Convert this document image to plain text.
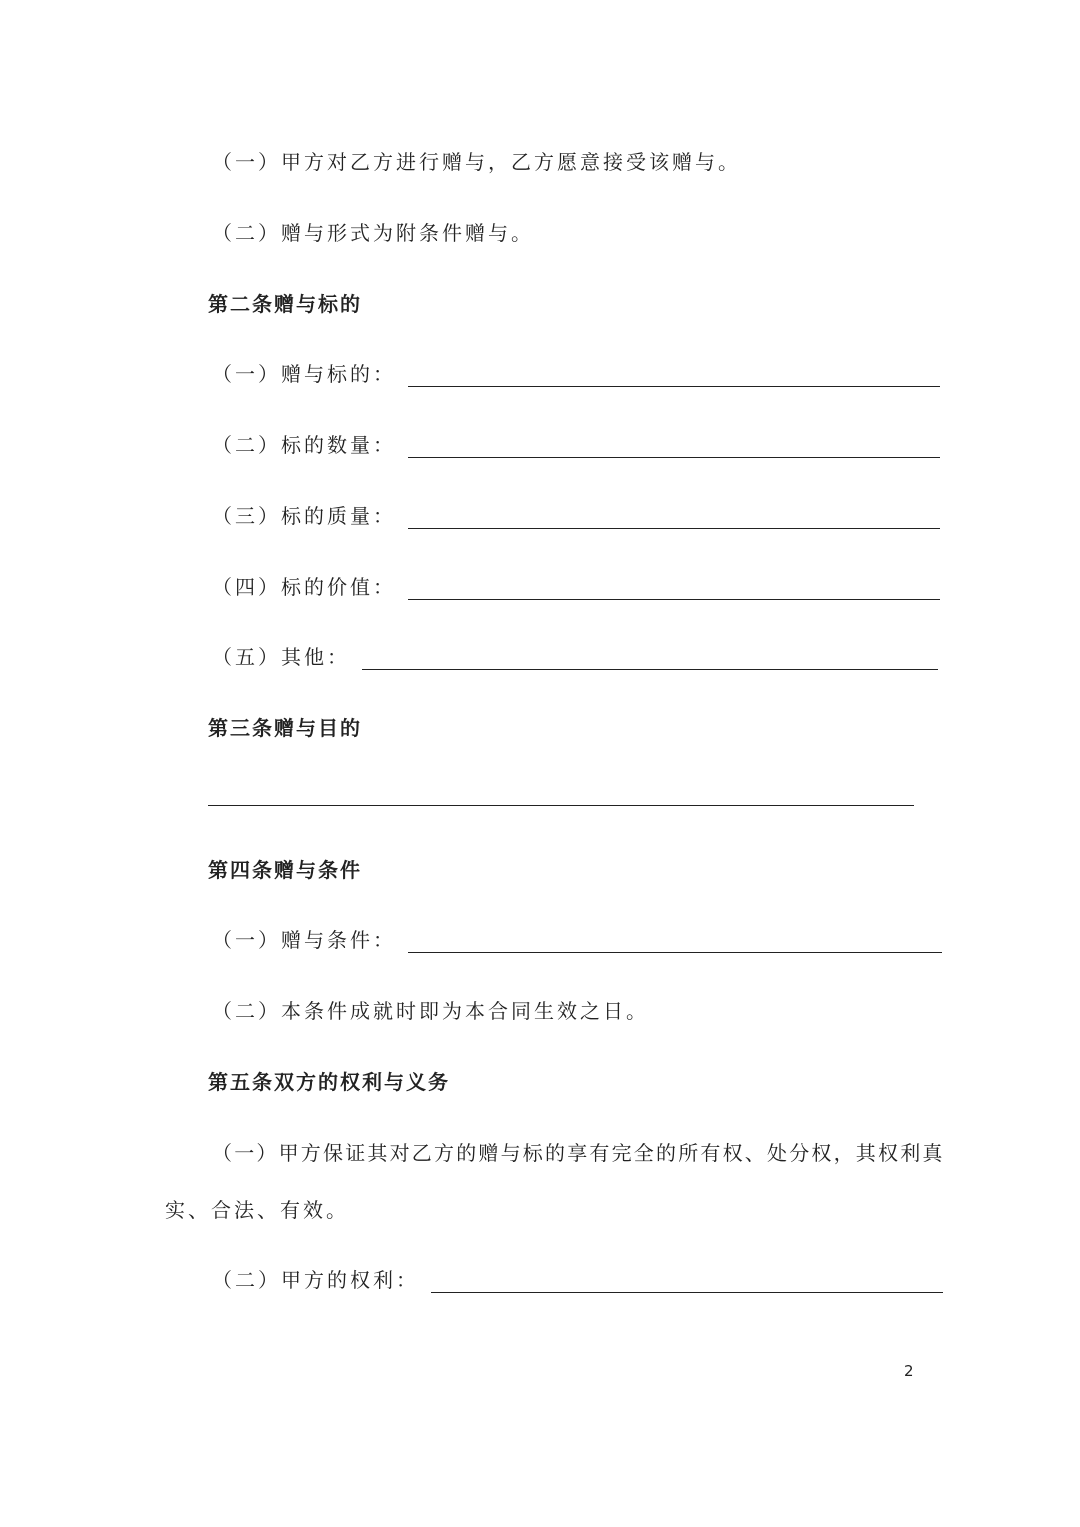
（一）甲方对乙方进行赠与，乙方愿意接受该赠与。
（二）赠与形式为附条件赠与。
第二条赠与标的
（一）赠与标的：
（二）标的数量：
（三）标的质量：
（四）标的价值：
（五）其他：
第三条赠与目的
第四条赠与条件
（一）赠与条件：
（二）本条件成就时即为本合同生效之日。
第五条双方的权利与义务
（一）甲方保证其对乙方的赠与标的享有完全的所有权、处分权，其权利真
实、合法、有效。
（二）甲方的权利：
2
